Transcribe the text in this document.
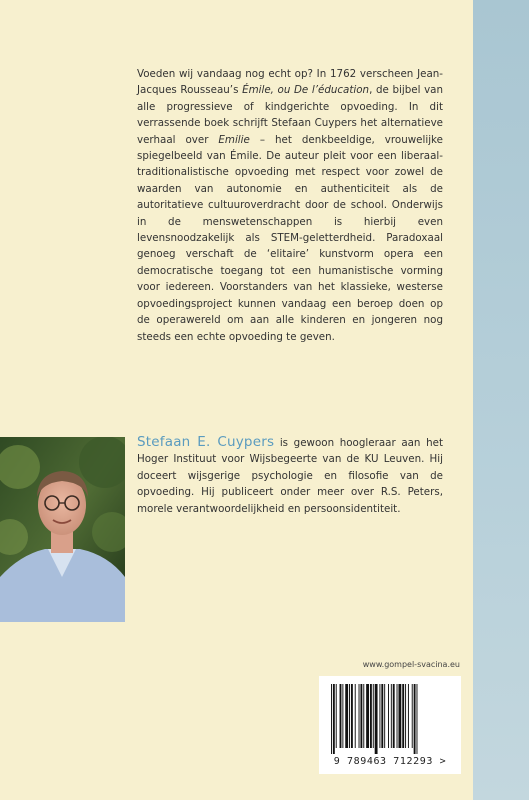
Voeden wij vandaag nog echt op? In 1762 verscheen Jean-Jacques Rousseau’s Émile, ou De l’éducation, de bijbel van alle progressieve of kindgerichte opvoeding. In dit verrassende boek schrijft Stefaan Cuypers het alternatieve verhaal over Emilie – het denkbeeldige, vrouwelijke spiegelbeeld van Émile. De auteur pleit voor een liberaal-traditionalistische opvoeding met respect voor zowel de waarden van autonomie en authenticiteit als de autoritatieve cultuuroverdracht door de school. Onderwijs in de menswetenschappen is hierbij even levensnoodzakelijk als STEM-geletterdheid. Paradoxaal genoeg verschaft de ‘elitaire’ kunstvorm opera een democratische toegang tot een humanistische vorming voor iedereen. Voorstanders van het klassieke, westerse opvoedingsproject kunnen vandaag een beroep doen op de operawereld om aan alle kinderen en jongeren nog steeds een echte opvoeding te geven.

Stefaan E. Cuypers is gewoon hoogleraar aan het Hoger Instituut voor Wijsbegeerte van de KU Leuven. Hij doceert wijsgerige psychologie en filosofie van de opvoeding. Hij publiceert onder meer over R.S. Peters, morele verantwoordelijkheid en persoonsidentiteit.

www.gompel-svacina.eu
9 789463 712293 >
